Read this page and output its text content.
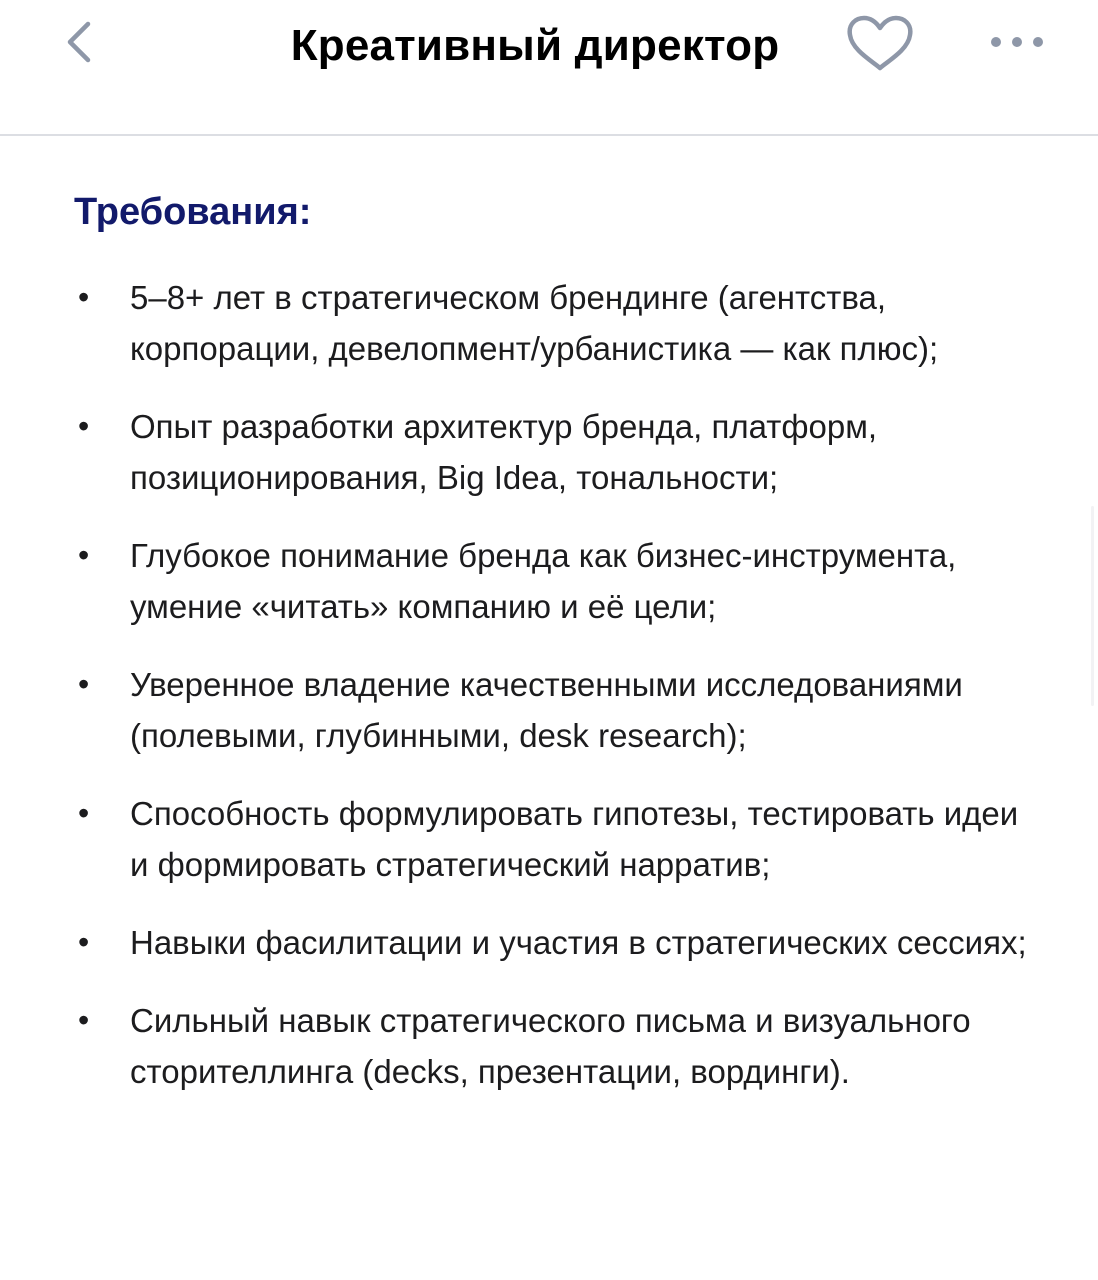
Креативный директор
Требования:
• 5–8+ лет в стратегическом брендинге (агентства, корпорации, девелопмент/урбанистика — как плюс);
• Опыт разработки архитектур бренда, платформ, позиционирования, Big Idea, тональности;
• Глубокое понимание бренда как бизнес-инструмента, умение «читать» компанию и её цели;
• Уверенное владение качественными исследованиями (полевыми, глубинными, desk research);
• Способность формулировать гипотезы, тестировать идеи и формировать стратегический нарратив;
• Навыки фасилитации и участия в стратегических сессиях;
• Сильный навык стратегического письма и визуального сторителлинга (decks, презентации, вординги).
